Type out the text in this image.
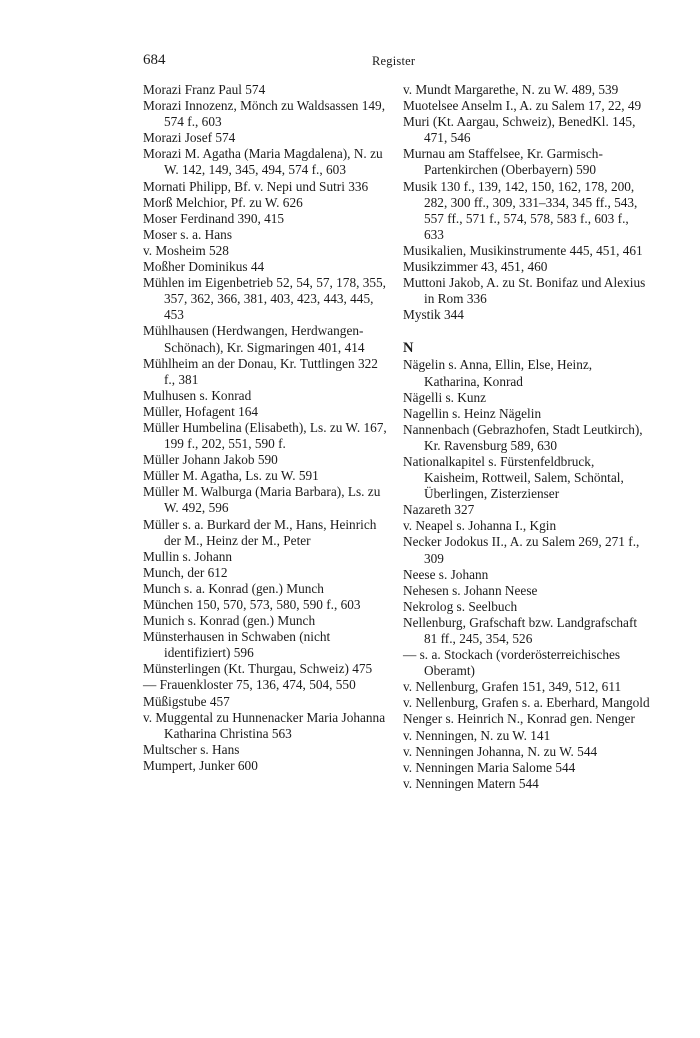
684	Register
Morazi Franz Paul 574
Morazi Innozenz, Mönch zu Waldsassen 149, 574 f., 603
Morazi Josef 574
Morazi M. Agatha (Maria Magdalena), N. zu W. 142, 149, 345, 494, 574 f., 603
Mornati Philipp, Bf. v. Nepi und Sutri 336
Morß Melchior, Pf. zu W. 626
Moser Ferdinand 390, 415
Moser s. a. Hans
v. Mosheim 528
Moßher Dominikus 44
Mühlen im Eigenbetrieb 52, 54, 57, 178, 355, 357, 362, 366, 381, 403, 423, 443, 445, 453
Mühlhausen (Herdwangen, Herdwangen-Schönach), Kr. Sigmaringen 401, 414
Mühlheim an der Donau, Kr. Tuttlingen 322 f., 381
Mulhusen s. Konrad
Müller, Hofagent 164
Müller Humbelina (Elisabeth), Ls. zu W. 167, 199 f., 202, 551, 590 f.
Müller Johann Jakob 590
Müller M. Agatha, Ls. zu W. 591
Müller M. Walburga (Maria Barbara), Ls. zu W. 492, 596
Müller s. a. Burkard der M., Hans, Heinrich der M., Heinz der M., Peter
Mullin s. Johann
Munch, der 612
Munch s. a. Konrad (gen.) Munch
München 150, 570, 573, 580, 590 f., 603
Munich s. Konrad (gen.) Munch
Münsterhausen in Schwaben (nicht identifiziert) 596
Münsterlingen (Kt. Thurgau, Schweiz) 475
— Frauenkloster 75, 136, 474, 504, 550
Müßigstube 457
v. Muggental zu Hunnenacker Maria Johanna Katharina Christina 563
Multscher s. Hans
Mumpert, Junker 600
v. Mundt Margarethe, N. zu W. 489, 539
Muotelsee Anselm I., A. zu Salem 17, 22, 49
Muri (Kt. Aargau, Schweiz), BenedKl. 145, 471, 546
Murnau am Staffelsee, Kr. Garmisch-Partenkirchen (Oberbayern) 590
Musik 130 f., 139, 142, 150, 162, 178, 200, 282, 300 ff., 309, 331–334, 345 ff., 543, 557 ff., 571 f., 574, 578, 583 f., 603 f., 633
Musikalien, Musikinstrumente 445, 451, 461
Musikzimmer 43, 451, 460
Muttoni Jakob, A. zu St. Bonifaz und Alexius in Rom 336
Mystik 344
N
Nägelin s. Anna, Ellin, Else, Heinz, Katharina, Konrad
Nägelli s. Kunz
Nagellin s. Heinz Nägelin
Nannenbach (Gebrazhofen, Stadt Leutkirch), Kr. Ravensburg 589, 630
Nationalkapitel s. Fürstenfeldbruck, Kaisheim, Rottweil, Salem, Schöntal, Überlingen, Zisterzienser
Nazareth 327
v. Neapel s. Johanna I., Kgin
Necker Jodokus II., A. zu Salem 269, 271 f., 309
Neese s. Johann
Nehesen s. Johann Neese
Nekrolog s. Seelbuch
Nellenburg, Grafschaft bzw. Landgrafschaft 81 ff., 245, 354, 526
— s. a. Stockach (vorderösterreichisches Oberamt)
v. Nellenburg, Grafen 151, 349, 512, 611
v. Nellenburg, Grafen s. a. Eberhard, Mangold
Nenger s. Heinrich N., Konrad gen. Nenger
v. Nenningen, N. zu W. 141
v. Nenningen Johanna, N. zu W. 544
v. Nenningen Maria Salome 544
v. Nenningen Matern 544
